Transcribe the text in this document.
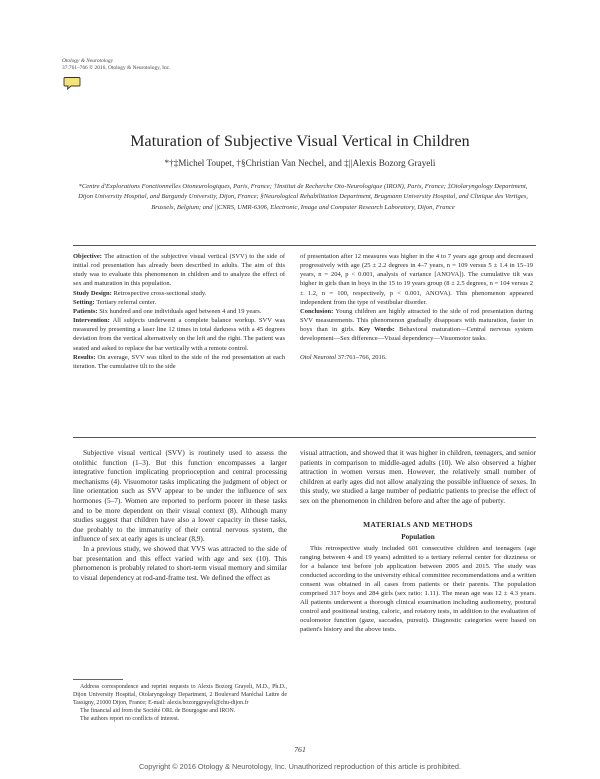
Otology & Neurotology
37:761–766 © 2016, Otology & Neurotology, Inc.
Maturation of Subjective Visual Vertical in Children
*†‡Michel Toupet, †§Christian Van Nechel, and ‡||Alexis Bozorg Grayeli
*Centre d'Explorations Fonctionnelles Otoneurologiques, Paris, France; †Institut de Recherche Oto-Neurologique (IRON), Paris, France; ‡Otolaryngology Department, Dijon University Hospital, and Burgundy University, Dijon, France; §Neurological Rehabilitation Department, Brugmann University Hospital, and Clinique des Vertiges, Brussels, Belgium; and ||CNRS, UMR-6306, Electronic, Image and Computer Research Laboratory, Dijon, France

Objective: The attraction of the subjective visual vertical (SVV) to the side of initial rod presentation has already been described in adults. The aim of this study was to evaluate this phenomenon in children and to analyze the effect of sex and maturation in this population.

Study Design: Retrospective cross-sectional study.

Setting: Tertiary referral center.

Patients: Six hundred and one individuals aged between 4 and 19 years.

Intervention: All subjects underwent a complete balance workup. SVV was measured by presenting a laser line 12 times in total darkness with a 45 degrees deviation from the vertical alternatively on the left and the right. The patient was seated and asked to replace the bar vertically with a remote control.

Results: On average, SVV was tilted to the side of the rod presentation at each iteration. The cumulative tilt to the side

of presentation after 12 measures was higher in the 4 to 7 years age group and decreased progressively with age (25 ± 2.2 degrees in 4–7 years, n = 109 versus 5 ± 1.4 in 15–19 years, n = 204, p < 0.001, analysis of variance [ANOVA]). The cumulative tilt was higher in girls than in boys in the 15 to 19 years group (8 ± 2.5 degrees, n = 104 versus 2 ± 1.2, n = 100, respectively, p < 0.001, ANOVA). This phenomenon appeared independent from the type of vestibular disorder.

Conclusion: Young children are highly attracted to the side of rod presentation during SVV measurements. This phenomenon gradually disappears with maturation, faster in boys than in girls. Key Words: Behavioral maturation—Central nervous system development—Sex difference—Visual dependency—Visuomotor tasks.

Otol Neurotol 37:761–766, 2016.

Subjective visual vertical (SVV) is routinely used to assess the otolithic function (1–3). But this function encompasses a larger integrative function implicating proprioception and central processing mechanisms (4). Visuomotor tasks implicating the judgment of object or line orientation such as SVV appear to be under the influence of sex hormones (5–7). Women are reported to perform poorer in these tasks and to be more dependent on their visual context (8). Although many studies suggest that children have also a lower capacity in these tasks, due probably to the immaturity of their central nervous system, the influence of sex at early ages is unclear (8,9).

In a previous study, we showed that VVS was attracted to the side of bar presentation and this effect varied with age and sex (10). This phenomenon is probably related to short-term visual memory and similar to visual dependency at rod-and-frame test. We defined the effect as

visual attraction, and showed that it was higher in children, teenagers, and senior patients in comparison to middle-aged adults (10). We also observed a higher attraction in women versus men. However, the relatively small number of children at early ages did not allow analyzing the possible influence of sexes. In this study, we studied a large number of pediatric patients to precise the effect of sex on the phenomenon in children before and after the age of puberty.

MATERIALS AND METHODS

Population

This retrospective study included 601 consecutive children and teenagers (age ranging between 4 and 19 years) admitted to a tertiary referral center for dizziness or for a balance test before job application between 2005 and 2015. The study was conducted according to the university ethical committee recommendations and a written consent was obtained in all cases from patients or their parents. The population comprised 317 boys and 284 girls (sex ratio: 1.11). The mean age was 12 ± 4.3 years. All patients underwent a thorough clinical examination including audiometry, postural control and positional testing, caloric, and rotatory tests, in addition to the evaluation of oculomotor function (gaze, saccades, pursuit). Diagnostic categories were based on patient's history and the above tests.

Address correspondence and reprint requests to Alexis Bozorg Grayeli, M.D., Ph.D., Dijon University Hospital, Otolaryngology Department, 2 Boulevard Maréchal Lattre de Tassigny, 21000 Dijon, France; E-mail: alexis.bozorggrayeli@chu-dijon.fr

The financial aid from the Société ORL de Bourgogne and IRON.

The authors report no conflicts of interest.

761
Copyright © 2016 Otology & Neurotology, Inc. Unauthorized reproduction of this article is prohibited.
